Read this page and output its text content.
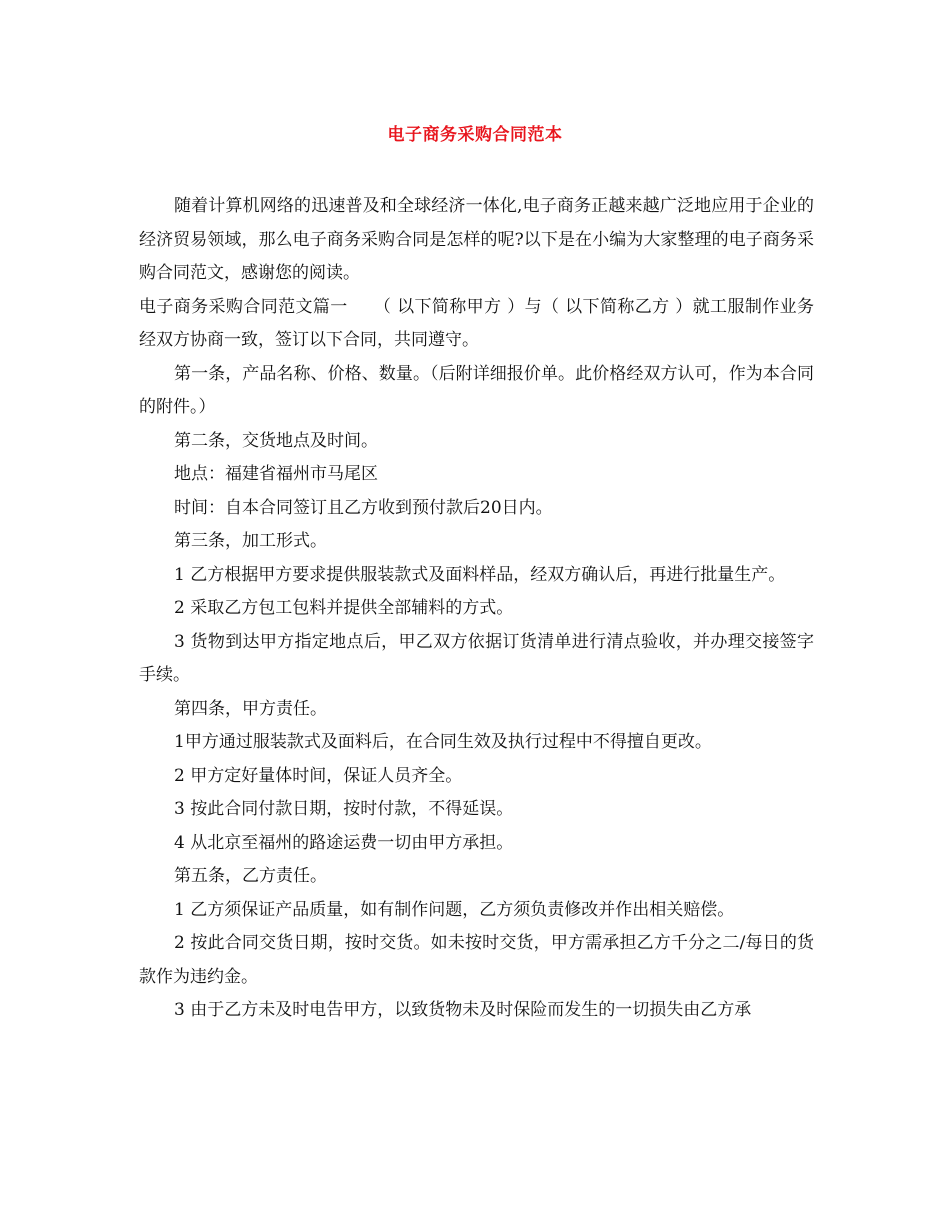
电子商务采购合同范本

随着计算机网络的迅速普及和全球经济一体化,电子商务正越来越广泛地应用于企业的经济贸易领域，那么电子商务采购合同是怎样的呢?以下是在小编为大家整理的电子商务采购合同范文，感谢您的阅读。

电子商务采购合同范文篇一　　（ 以下简称甲方 ）与（ 以下简称乙方 ）就工服制作业务经双方协商一致，签订以下合同，共同遵守。

第一条，产品名称、价格、数量。（后附详细报价单。此价格经双方认可，作为本合同的附件。）

第二条，交货地点及时间。

地点：福建省福州市马尾区

时间：自本合同签订且乙方收到预付款后20日内。

第三条，加工形式。

1 乙方根据甲方要求提供服装款式及面料样品，经双方确认后，再进行批量生产。

2 采取乙方包工包料并提供全部辅料的方式。

3 货物到达甲方指定地点后，甲乙双方依据订货清单进行清点验收，并办理交接签字手续。

第四条，甲方责任。

1甲方通过服装款式及面料后，在合同生效及执行过程中不得擅自更改。

2 甲方定好量体时间，保证人员齐全。

3 按此合同付款日期，按时付款，不得延误。

4 从北京至福州的路途运费一切由甲方承担。

第五条，乙方责任。

1 乙方须保证产品质量，如有制作问题，乙方须负责修改并作出相关赔偿。

2 按此合同交货日期，按时交货。如未按时交货，甲方需承担乙方千分之二/每日的货款作为违约金。

3 由于乙方未及时电告甲方，以致货物未及时保险而发生的一切损失由乙方承
